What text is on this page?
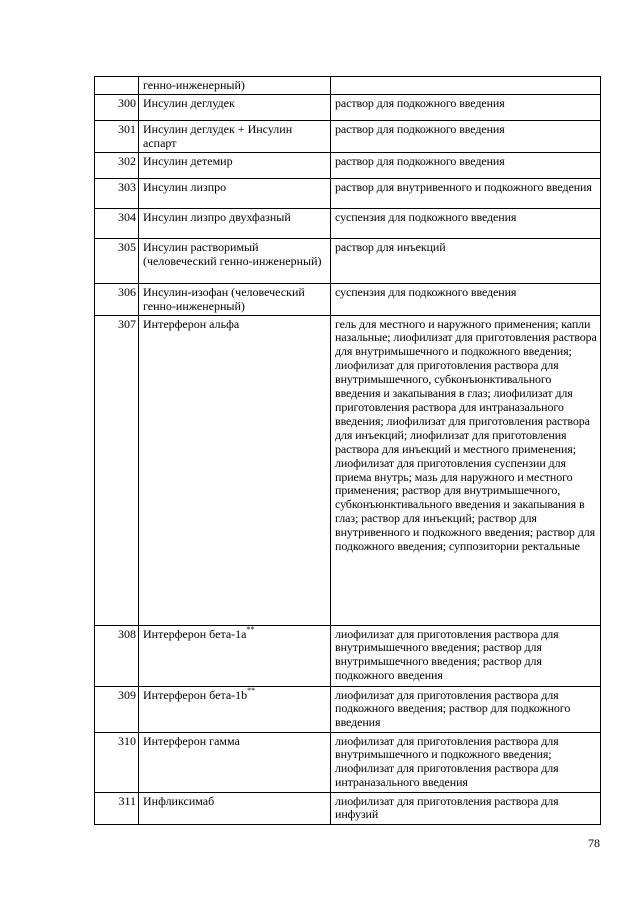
	генно-инженерный)	
300	Инсулин деглудек	раствор для подкожного введения
301	Инсулин деглудек + Инсулин аспарт	раствор для подкожного введения
302	Инсулин детемир	раствор для подкожного введения
303	Инсулин лизпро	раствор для внутривенного и подкожного введения
304	Инсулин лизпро двухфазный	суспензия для подкожного введения
305	Инсулин растворимый (человеческий генно-инженерный)	раствор для инъекций
306	Инсулин-изофан (человеческий генно-инженерный)	суспензия для подкожного введения
307	Интерферон альфа	гель для местного и наружного применения; капли назальные; лиофилизат для приготовления раствора для внутримышечного и подкожного введения; лиофилизат для приготовления раствора для внутримышечного, субконъюнктивального введения и закапывания в глаз; лиофилизат для приготовления раствора для интраназального введения; лиофилизат для приготовления раствора для инъекций; лиофилизат для приготовления раствора для инъекций и местного применения; лиофилизат для приготовления суспензии для приема внутрь; мазь для наружного и местного применения; раствор для внутримышечного, субконъюнктивального введения и закапывания в глаз; раствор для инъекций; раствор для внутривенного и подкожного введения; раствор для подкожного введения; суппозитории ректальные
308	Интерферон бета-1a**	лиофилизат для приготовления раствора для внутримышечного введения; раствор для внутримышечного введения; раствор для подкожного введения
309	Интерферон бета-1b**	лиофилизат для приготовления раствора для подкожного введения; раствор для подкожного введения
310	Интерферон гамма	лиофилизат для приготовления раствора для внутримышечного и подкожного введения; лиофилизат для приготовления раствора для интраназального введения
311	Инфликсимаб	лиофилизат для приготовления раствора для инфузий
78
